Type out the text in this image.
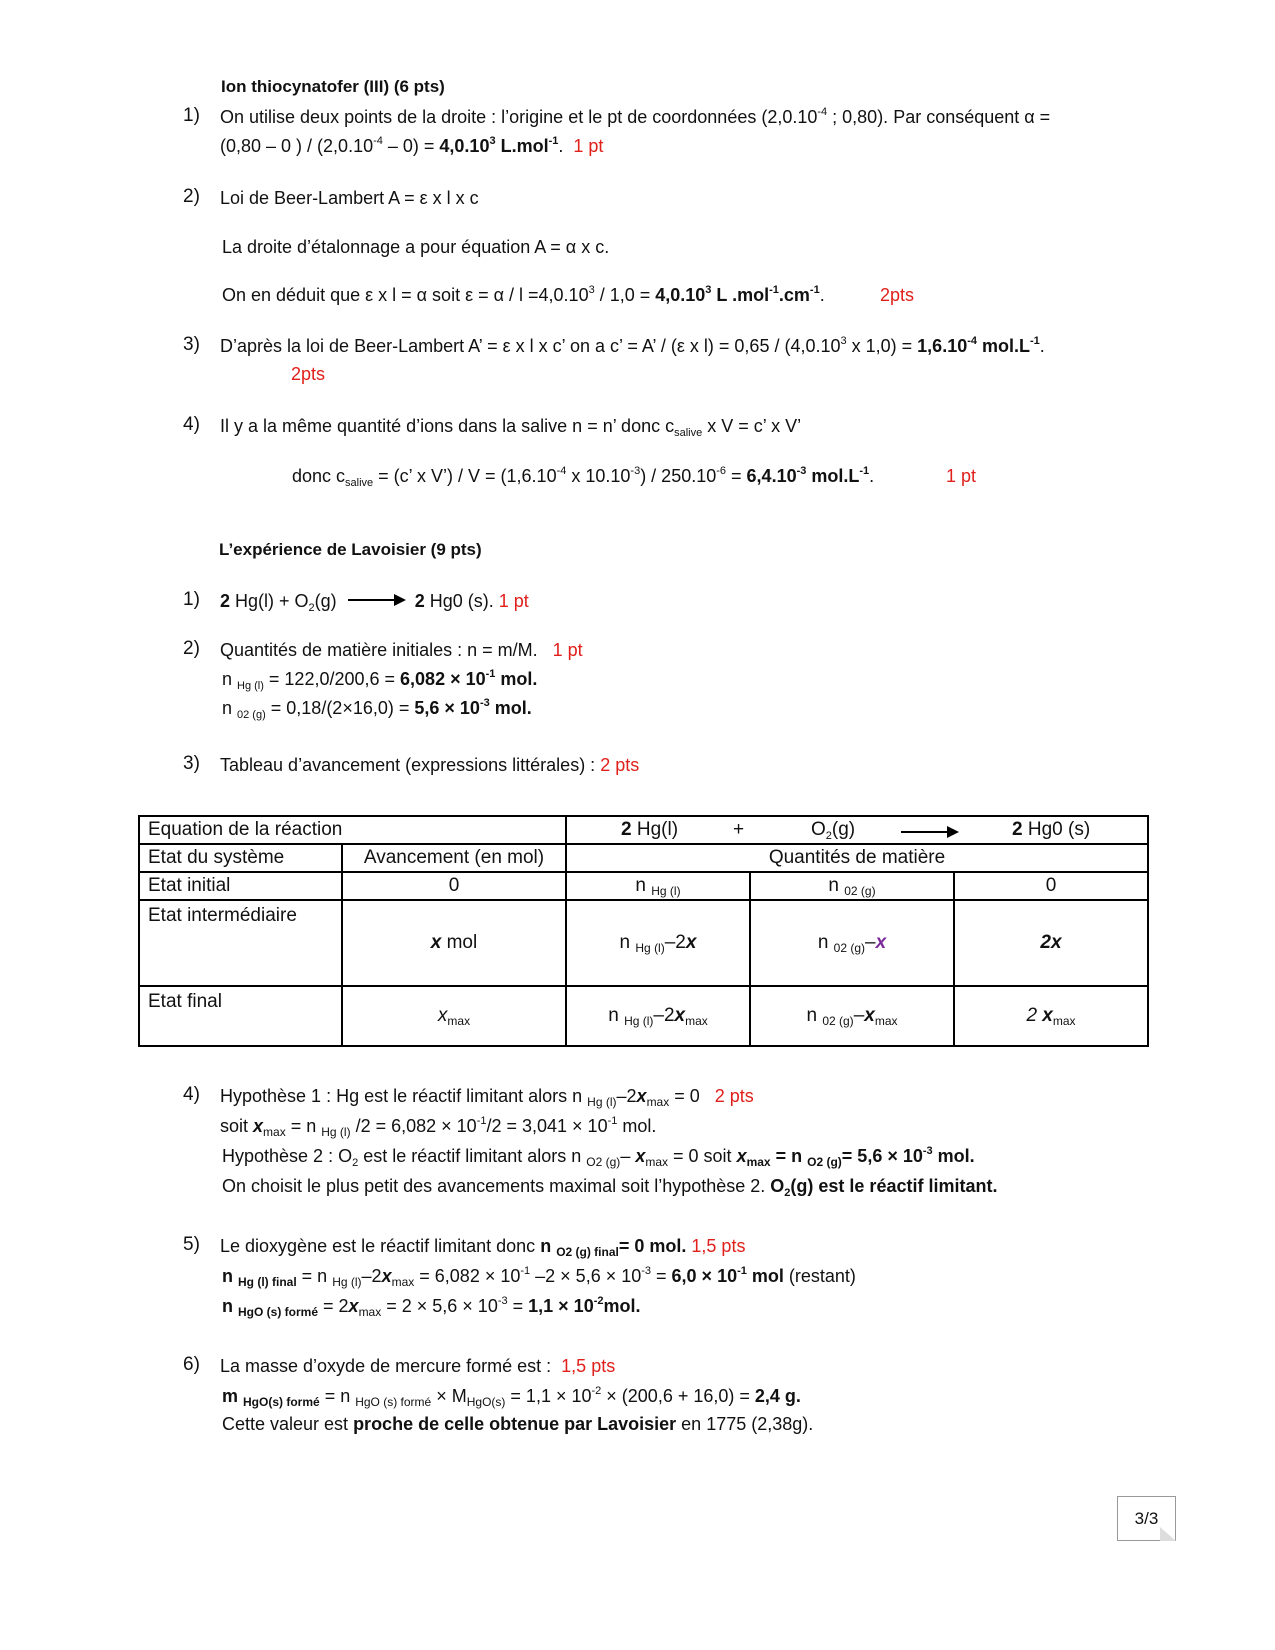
Ion thiocynatofer (III) (6 pts)
1) On utilise deux points de la droite : l’origine et le pt de coordonnées ($2,0.10^{-4}$ ; 0,80). Par conséquent α =
(0,80 – 0 ) / $(2,0.10^{-4} - 0) = 4,0.10^3$ L.mol$^{-1}$.  1 pt
2) Loi de Beer-Lambert A = ε x l x c
La droite d’étalonnage a pour équation A = α x c.
On en déduit que ε x l = α soit $\varepsilon = \alpha / l =4,0.10^3 / 1,0 = 4,0.10^3$ L $.mol^{-1}.cm^{-1}$.	2pts
3) D’après la loi de Beer-Lambert A’ = ε x l x c’ on a c’ = A’ / (ε x l) = 0,65 / (4,0.10$^3$ x $1,0) = 1,6.10^{-4}$ $mol.L^{-1}$.
2pts
4) Il y a la même quantité d’ions dans la salive n = n’ donc $c_{salive}$ x V = c’ x V’
donc $c_{salive} = (c$’ x V’) / $V = (1,6.10^{-4}$ x $10.10^{-3}) / 250.10^{-6} = 6,4.10^{-3}$ $mol.L^{-1}$.	1 pt
L’expérience de Lavoisier (9 pts)
1) 2 $Hg(l) + O_2(g) \to 2$ Hg0 (s). 1 pt
2) Quantités de matière initiales : n = m/M. 1 pt
n $_{Hg (l)} = 122,0/200,6 = 6,082 \times 10^{-1}$ mol.
n $_{02 (g)} = 0,18/(2\times 16,0) = 5,6 \times 10^{-3}$ mol.
3) Tableau d’avancement (expressions littérales) : 2 pts
Equation de la réaction		2 $Hg(l) + O_2(g)$ 2 Hg0 (s)		

Etat du système	Avancement (en mol)	Quantités de matière		
Etat initial	0	n $_{Hg (l)}$	n $_{02 (g)}$	0
Etat intermédiaire	x mol	n $_{Hg (l)}$–2x	n $_{02 (g)}$–x	2x
Etat final	$x_{max}$	n $_{Hg (l)}-2x_{max}$	n $_{02 (g)}-x_{max}$	2 $x_{max}$
4) Hypothèse 1 : Hg est le réactif limitant alors n $_{Hg (l)}-2x_{max} = 0$ 2 pts
soit $x_{max} = n$ $_{Hg (l)}$ $/2 = 6,082 \times 10^{-1}/2 = 3,041 \times 10^{-1}$ mol.
Hypothèse 2 : $O_2$ est le réactif limitant alors n $_{O2 (g)}$– $x_{max} = 0$ soit $x_{max} = n$ $_{O2 (g)}= 5,6 \times 10^{-3}$ mol.
On choisit le plus petit des avancements maximal soit l’hypothèse 2. $O_2(g)$ est le réactif limitant.
5) Le dioxygène est le réactif limitant donc n $_{O2 (g) final}$= 0 mol. 1,5 pts
n $_{Hg (l) final}$ = n $_{Hg (l)}-2x_{max} = 6,082 \times 10^{-1}$ $-2 \times 5,6 \times 10^{-3} = 6,0 \times 10^{-1}$ mol (restant)
n $_{HgO (s) formé} = 2x_{max} = 2 \times 5,6 \times 10^{-3} = 1,1 \times 10^{-2}mol$.
6) La masse d’oxyde de mercure formé est :  1,5 pts
m $_{HgO(s) formé}$ = n $_{HgO (s) formé} \times M_{HgO(s)} = 1,1 \times 10^{-2} \times (200,6 + 16,0) = 2,4$ g.
Cette valeur est proche de celle obtenue par Lavoisier en 1775 (2,38g).
3/3
